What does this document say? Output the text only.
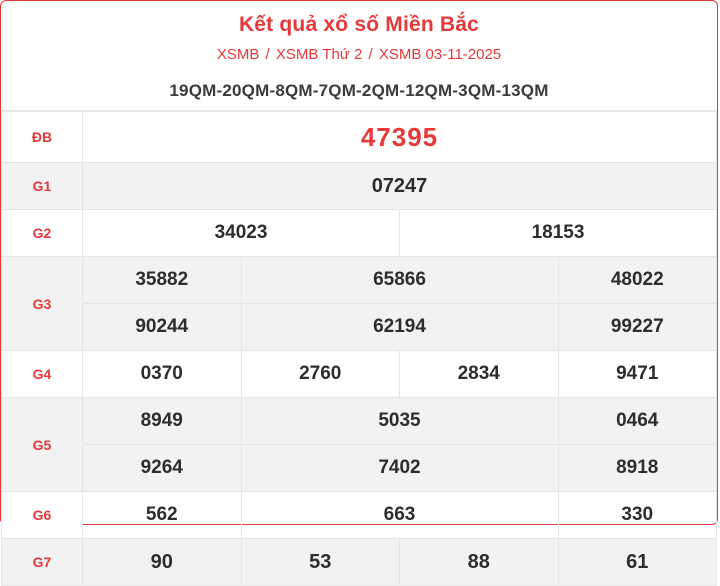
Kết quả xổ số Miền Bắc
XSMB / XSMB Thứ 2 / XSMB 03-11-2025
19QM-20QM-8QM-7QM-2QM-12QM-3QM-13QM
ĐB	47395			
G1	07247			
G2	34023		18153	
G3	35882	65866		48022
	90244	62194		99227
G4	0370	2760	2834	9471
G5	8949	5035		0464
	9264	7402		8918
G6	562	663		330
G7	90	53	88	61
